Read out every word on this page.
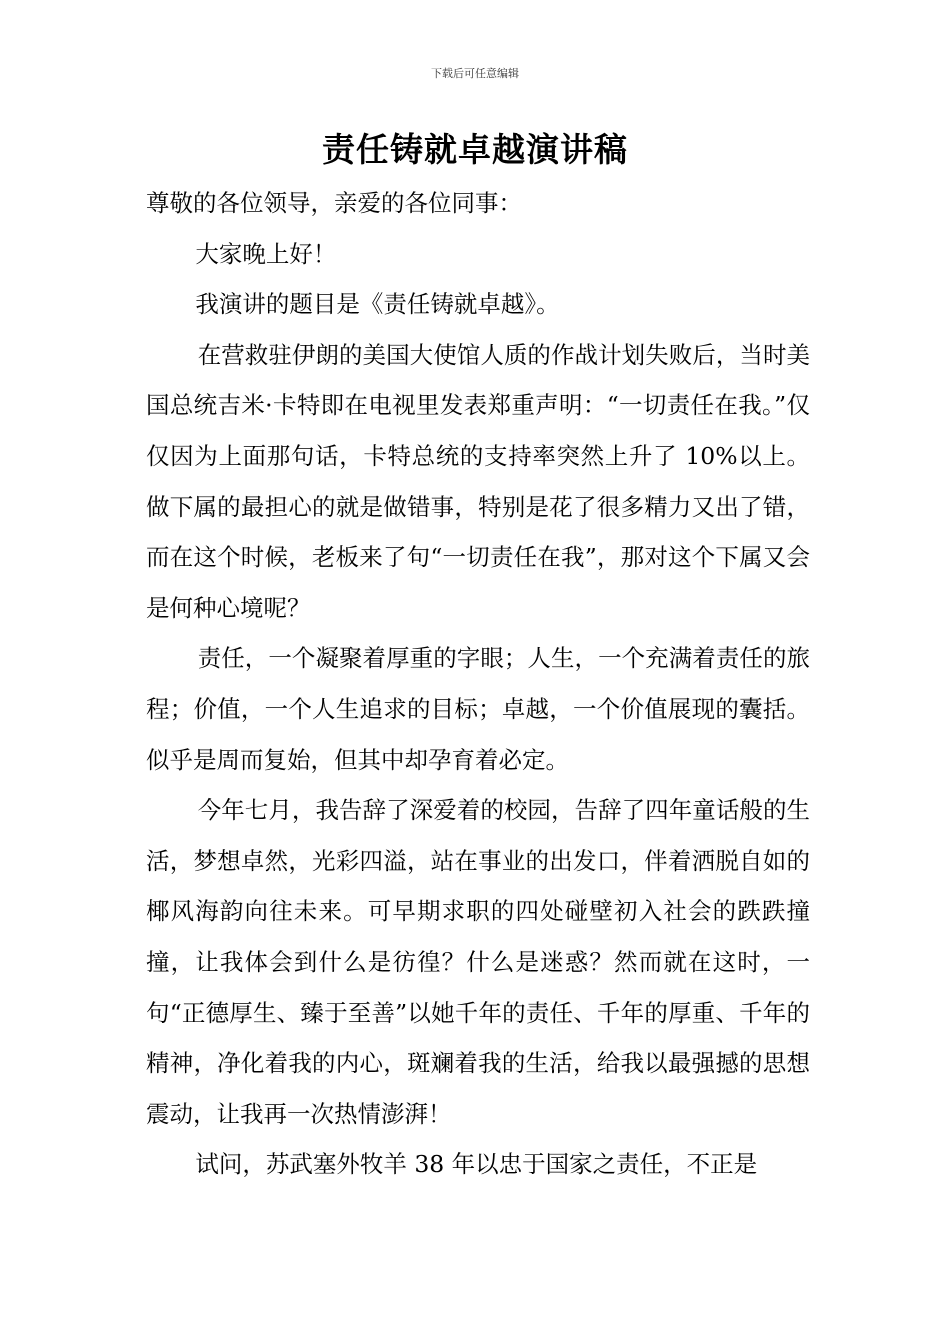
下载后可任意编辑
责任铸就卓越演讲稿

尊敬的各位领导，亲爱的各位同事：

大家晚上好！

我演讲的题目是《责任铸就卓越》。

在营救驻伊朗的美国大使馆人质的作战计划失败后，当时美国总统吉米·卡特即在电视里发表郑重声明：“一切责任在我。”仅仅因为上面那句话，卡特总统的支持率突然上升了 10%以上。做下属的最担心的就是做错事，特别是花了很多精力又出了错，而在这个时候，老板来了句“一切责任在我”，那对这个下属又会是何种心境呢？

责任，一个凝聚着厚重的字眼；人生，一个充满着责任的旅程；价值，一个人生追求的目标；卓越，一个价值展现的囊括。似乎是周而复始，但其中却孕育着必定。

今年七月，我告辞了深爱着的校园，告辞了四年童话般的生活，梦想卓然，光彩四溢，站在事业的出发口，伴着洒脱自如的椰风海韵向往未来。可早期求职的四处碰壁初入社会的跌跌撞撞，让我体会到什么是彷徨？什么是迷惑？然而就在这时，一句“正德厚生、臻于至善”以她千年的责任、千年的厚重、千年的精神，净化着我的内心，斑斓着我的生活，给我以最强撼的思想震动，让我再一次热情澎湃！

试问，苏武塞外牧羊 38 年以忠于国家之责任，不正是
